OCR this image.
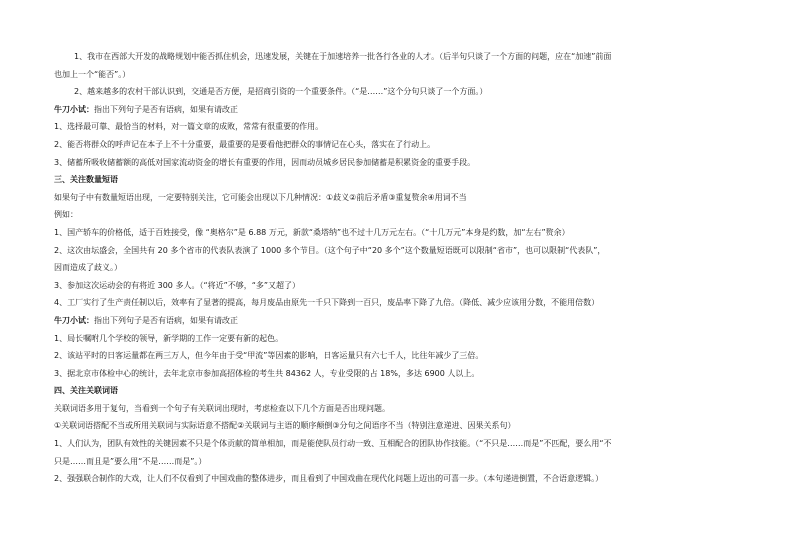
1、我市在西部大开发的战略规划中能否抓住机会，迅速发展，关键在于加速培养一批各行各业的人才。（后半句只谈了一个方面的问题，应在“加速”前面
也加上一个“能否”。）
2、越来越多的农村干部认识到，交通是否方便，是招商引资的一个重要条件。（“是……”这个分句只谈了一个方面。）
牛刀小试：指出下列句子是否有语病，如果有请改正
1、选择最可靠、最恰当的材料，对一篇文章的成败，常常有很重要的作用。
2、能否将群众的呼声记在本子上不十分重要，最重要的是要看他把群众的事情记在心头，落实在了行动上。
3、储蓄所吸收储蓄额的高低对国家流动资金的增长有重要的作用，因而动员城乡居民参加储蓄是积累资金的重要手段。
三、关注数量短语
如果句子中有数量短语出现，一定要特别关注，它可能会出现以下几种情况：①歧义②前后矛盾③重复赘余④用词不当
例如：
1、国产轿车的价格低，适于百姓接受，像 “奥格尔”是 6.88 万元，新款“桑塔纳”也不过十几万元左右。（“十几万元”本身是约数，加“左右”赘余）
2、这次由坛盛会，全国共有 20 多个省市的代表队表演了 1000 多个节目。（这个句子中“20 多个”这个数量短语既可以限制“省市”，也可以限制“代表队”，
因而造成了歧义。）
3、参加这次运动会的有将近 300 多人。（“将近”不够，“多”又超了）
4、工厂实行了生产责任制以后，效率有了显著的提高，每月废品由原先一千只下降到一百只，废品率下降了九倍。（降低、减少应该用分数，不能用倍数）
牛刀小试：指出下列句子是否有语病，如果有请改正
1、局长嘱咐几个学校的领导，新学期的工作一定要有新的起色。
2、该站平时的日客运量都在两三万人，但今年由于受“甲流”等因素的影响，日客运量只有六七千人，比往年减少了三倍。
3、据北京市体检中心的统计，去年北京市参加高招体检的考生共 84362 人，专业受限的占 18%，多达 6900 人以上。
四、关注关联词语
关联词语多用于复句，当看到一个句子有关联词出现时，考虑检查以下几个方面是否出现问题。
①关联词语搭配不当或所用关联词与实际语意不搭配②关联词与主语的顺序颠倒③分句之间语序不当（特别注意递进、因果关系句）
1、人们认为，团队有效性的关键因素不只是个体贡献的简单相加，而是能使队员行动一致、互相配合的团队协作技能。（“不只是……而是”不匹配，要么用“不
只是……而且是”要么用“不是……而是”。）
2、强强联合制作的大戏，让人们不仅看到了中国戏曲的整体进步，而且看到了中国戏曲在现代化问题上迈出的可喜一步。（本句递进倒置，不合语意逻辑。）
